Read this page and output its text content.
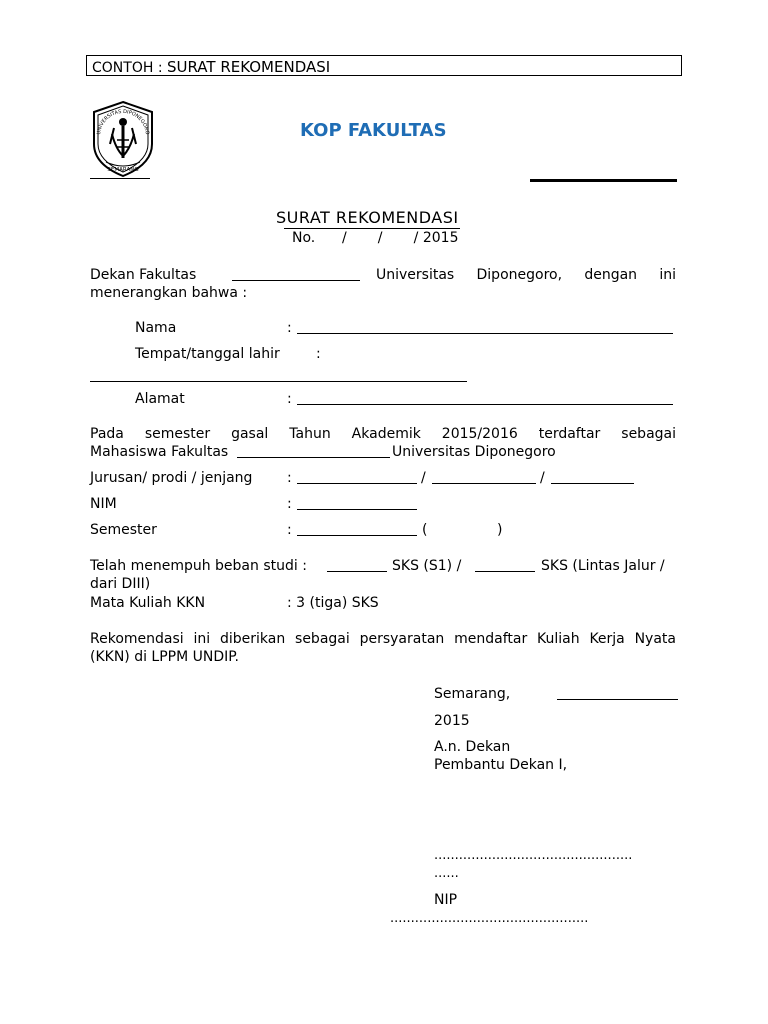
CONTOH : SURAT REKOMENDASI
UNIVERSITAS DIPONEGORO
SEMARANG
KOP FAKULTAS
SURAT REKOMENDASI
No.      /       /       / 2015
Dekan Fakultas	Universitas Diponegoro, dengan ini
menerangkan bahwa :
Nama	:
Tempat/tanggal lahir	:
Alamat	:
Pada semester gasal Tahun Akademik 2015/2016 terdaftar sebagai
Mahasiswa Fakultas	Universitas Diponegoro
Jurusan/ prodi / jenjang :	/	/
NIM	:
Semester	:	(	)
Telah menempuh beban studi :	SKS (S1) /	SKS (Lintas Jalur /
dari DIII)
Mata Kuliah KKN	: 3 (tiga) SKS
Rekomendasi ini diberikan sebagai persyaratan mendaftar Kuliah Kerja Nyata
(KKN) di LPPM UNDIP.
Semarang,
2015
A.n. Dekan
Pembantu Dekan I,
................................................
......
NIP
................................................
